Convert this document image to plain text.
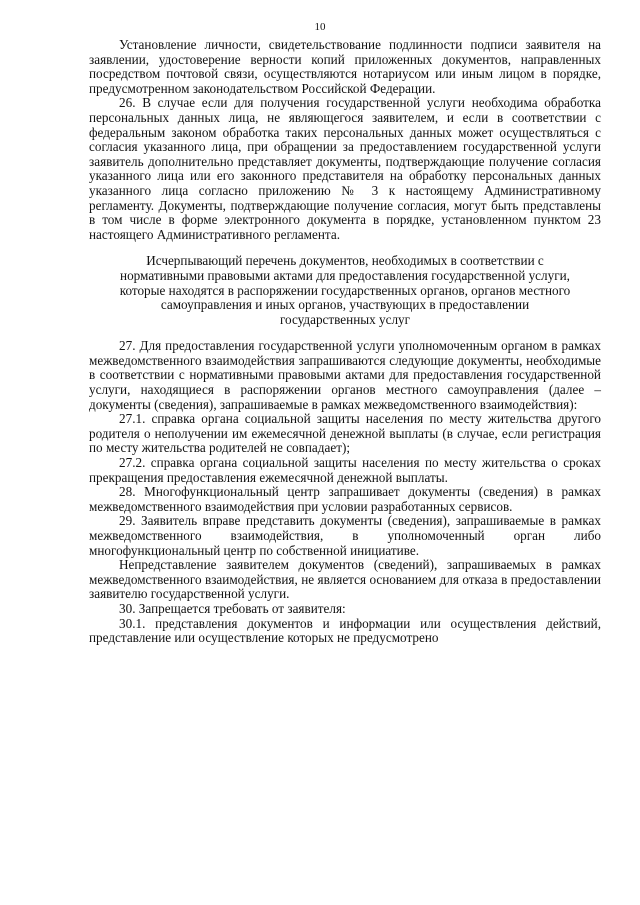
10

Установление личности, свидетельствование подлинности подписи заявителя на заявлении, удостоверение верности копий приложенных документов, направленных посредством почтовой связи, осуществляются нотариусом или иным лицом в порядке, предусмотренном законодательством Российской Федерации.

26. В случае если для получения государственной услуги необходима обработка персональных данных лица, не являющегося заявителем, и если в соответствии с федеральным законом обработка таких персональных данных может осуществляться с согласия указанного лица, при обращении за предоставлением государственной услуги заявитель дополнительно представляет документы, подтверждающие получение согласия указанного лица или его законного представителя на обработку персональных данных указанного лица согласно приложению № 3 к настоящему Административному регламенту. Документы, подтверждающие получение согласия, могут быть представлены в том числе в форме электронного документа в порядке, установленном пунктом 23 настоящего Административного регламента.

Исчерпывающий перечень документов, необходимых в соответствии с
нормативными правовыми актами для предоставления государственной услуги,
которые находятся в распоряжении государственных органов, органов местного
самоуправления и иных органов, участвующих в предоставлении
государственных услуг

27. Для предоставления государственной услуги уполномоченным органом в рамках межведомственного взаимодействия запрашиваются следующие документы, необходимые в соответствии с нормативными правовыми актами для предоставления государственной услуги, находящиеся в распоряжении органов местного самоуправления (далее – документы (сведения), запрашиваемые в рамках межведомственного взаимодействия):

27.1. справка органа социальной защиты населения по месту жительства другого родителя о неполучении им ежемесячной денежной выплаты (в случае, если регистрация по месту жительства родителей не совпадает);

27.2. справка органа социальной защиты населения по месту жительства о сроках прекращения предоставления ежемесячной денежной выплаты.

28. Многофункциональный центр запрашивает документы (сведения) в рамках межведомственного взаимодействия при условии разработанных сервисов.

29. Заявитель вправе представить документы (сведения), запрашиваемые в рамках межведомственного взаимодействия, в уполномоченный орган либо многофункциональный центр по собственной инициативе.

Непредставление заявителем документов (сведений), запрашиваемых в рамках межведомственного взаимодействия, не является основанием для отказа в предоставлении заявителю государственной услуги.

30. Запрещается требовать от заявителя:

30.1. представления документов и информации или осуществления действий, представление или осуществление которых не предусмотрено
